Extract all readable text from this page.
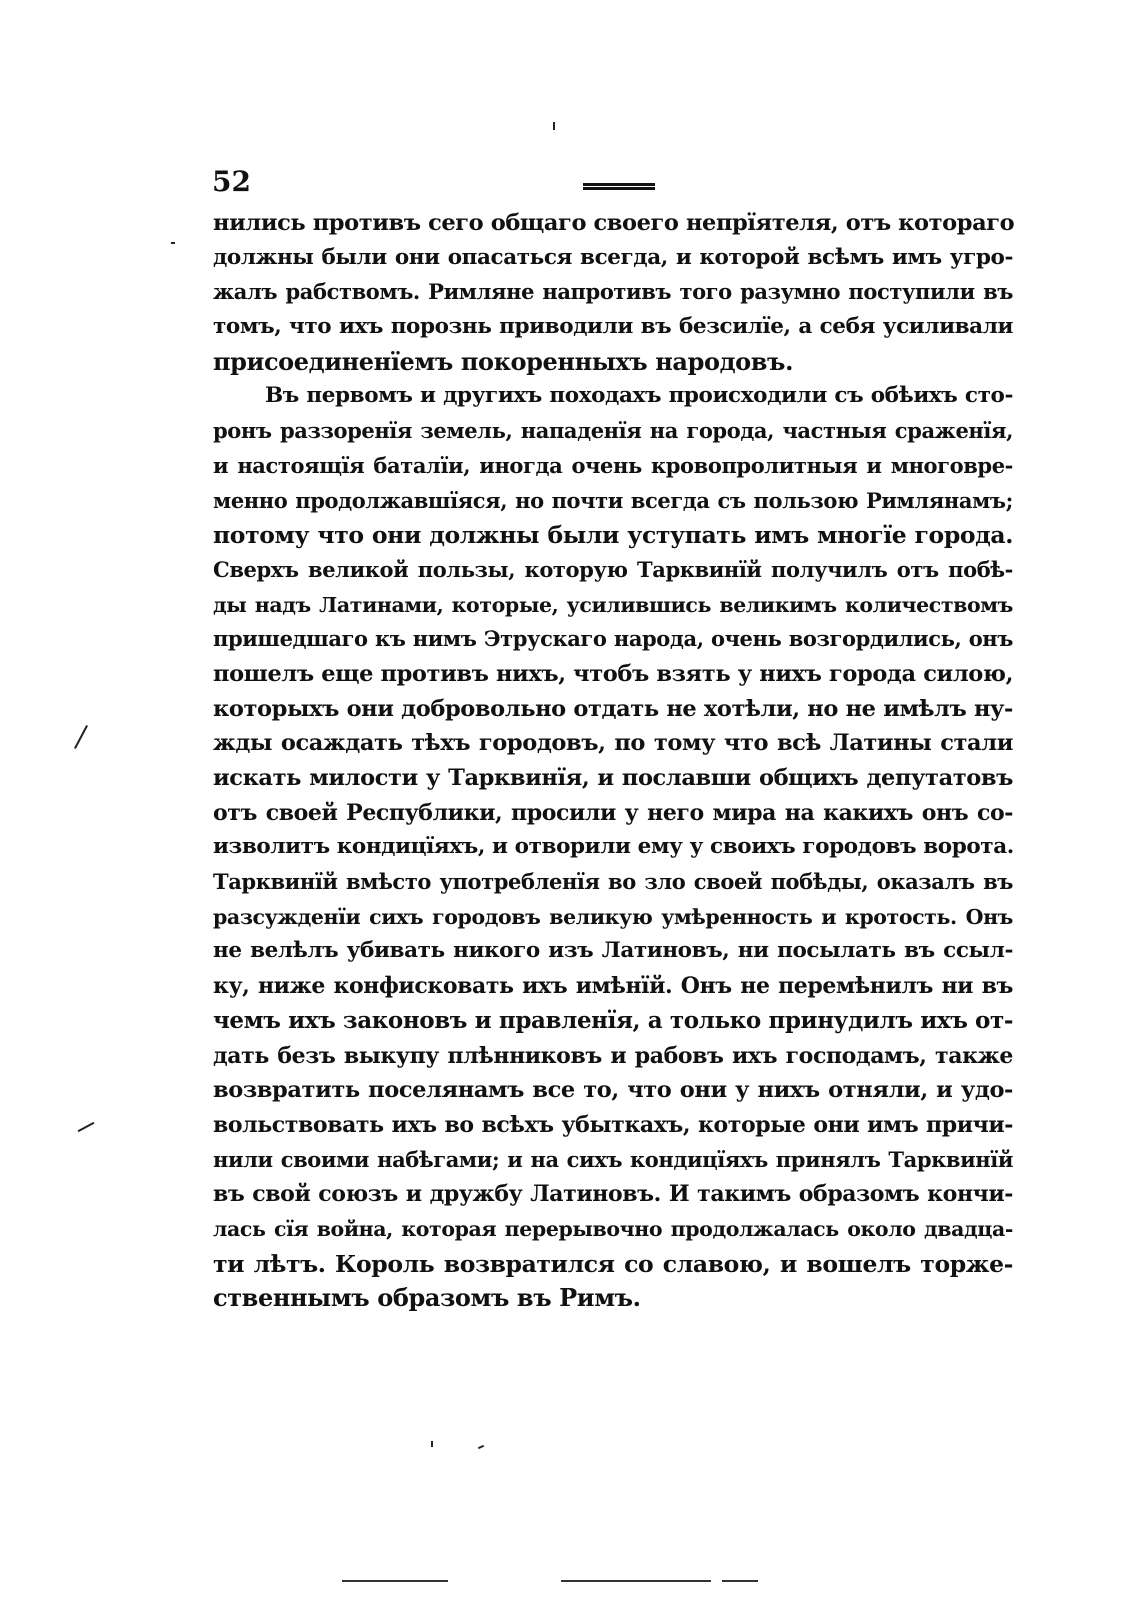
52
нились противъ сего общаго своего непрїятеля, отъ котораго
должны были они опасаться всегда, и которой всѣмъ имъ угро-
жалъ рабствомъ. Римляне напротивъ того разумно поступили въ
томъ, что ихъ порознь приводили въ безсилїе, а себя усиливали
присоединенїемъ покоренныхъ народовъ.
Въ первомъ и другихъ походахъ происходили съ обѣихъ сто-
ронъ раззоренїя земель, нападенїя на города, частныя сраженїя,
и настоящїя баталїи, иногда очень кровопролитныя и многовре-
менно продолжавшїяся, но почти всегда съ пользою Римлянамъ;
потому что они должны были уступать имъ многїе города.
Сверхъ великой пользы, которую Тарквинїй получилъ отъ побѣ-
ды надъ Латинами, которые, усилившись великимъ количествомъ
пришедшаго къ нимъ Этрускаго народа, очень возгордились, онъ
пошелъ еще противъ нихъ, чтобъ взять у нихъ города силою,
которыхъ они добровольно отдать не хотѣли, но не имѣлъ ну-
жды осаждать тѣхъ городовъ, по тому что всѣ Латины стали
искать милости у Тарквинїя, и пославши общихъ депутатовъ
отъ своей Республики, просили у него мира на какихъ онъ со-
изволитъ кондицїяхъ, и отворили ему у своихъ городовъ ворота.
Тарквинїй вмѣсто употребленїя во зло своей побѣды, оказалъ въ
разсужденїи сихъ городовъ великую умѣренность и кротость. Онъ
не велѣлъ убивать никого изъ Латиновъ, ни посылать въ ссыл-
ку, ниже конфисковать ихъ имѣнїй. Онъ не перемѣнилъ ни въ
чемъ ихъ законовъ и правленїя, а только принудилъ ихъ от-
дать безъ выкупу плѣнниковъ и рабовъ ихъ господамъ, также
возвратить поселянамъ все то, что они у нихъ отняли, и удо-
вольствовать ихъ во всѣхъ убыткахъ, которые они имъ причи-
нили своими набѣгами; и на сихъ кондицїяхъ принялъ Тарквинїй
въ свой союзъ и дружбу Латиновъ. И такимъ образомъ кончи-
лась сїя война, которая перерывочно продолжалась около двадца-
ти лѣтъ. Король возвратился со славою, и вошелъ торже-
ственнымъ образомъ въ Римъ.
